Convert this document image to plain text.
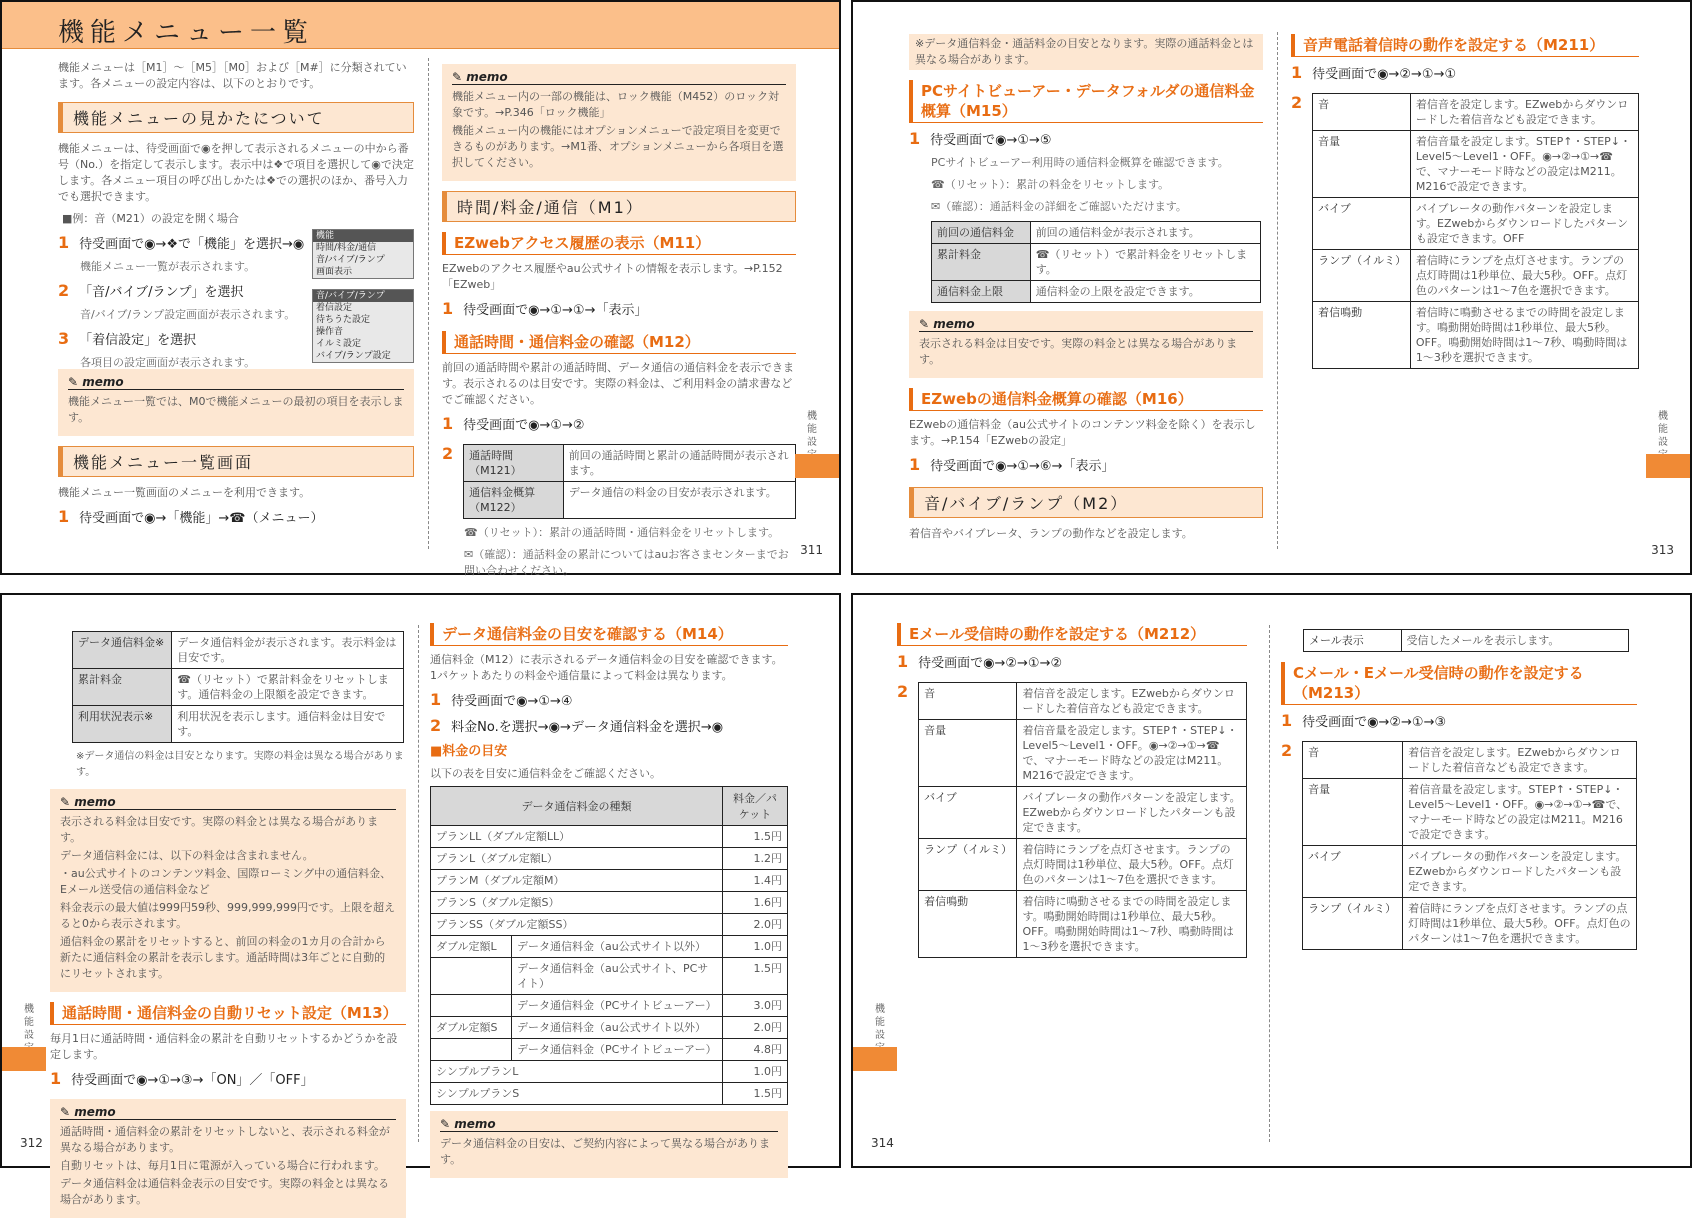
機能メニュー一覧
機能メニューは［M1］〜［M5］［M0］および［M#］に分類されています。各メニューの設定内容は、以下のとおりです。
機能メニューの見かたについて
機能メニューは、待受画面で◉を押して表示されるメニューの中から番号（No.）を指定して表示します。表示中は❖で項目を選択して◉で決定します。各メニュー項目の呼び出しかたは❖での選択のほか、番号入力でも選択できます。
■例：音（M21）の設定を開く場合
1 待受画面で◉→❖で「機能」を選択→◉
機能メニュー一覧が表示されます。
2 「音/バイブ/ランプ」を選択
音/バイブ/ランプ設定画面が表示されます。
3 「着信設定」を選択
各項目の設定画面が表示されます。
機能
時間/料金/通信
音/バイブ/ランプ
画面表示
音/バイブ/ランプ
着信設定
待ちうた設定
操作音
イルミ設定
バイブ/ランプ設定
✎ memo
機能メニュー一覧では、M0で機能メニューの最初の項目を表示します。
機能メニュー一覧画面
機能メニュー一覧画面のメニューを利用できます。
1 待受画面で◉→「機能」→☎（メニュー）
✎ memo
機能メニュー内の一部の機能は、ロック機能（M452）のロック対象です。→P.346「ロック機能」
機能メニュー内の機能にはオプションメニューで設定項目を変更できるものがあります。→M1番、オプションメニューから各項目を選択してください。
時間/料金/通信（M1）
EZwebアクセス履歴の表示（M11）
EZwebのアクセス履歴やau公式サイトの情報を表示します。→P.152「EZweb」
1 待受画面で◉→①→①→「表示」
通話時間・通信料金の確認（M12）
前回の通話時間や累計の通話時間、データ通信の通信料金を表示できます。表示されるのは目安です。実際の料金は、ご利用料金の請求書などでご確認ください。
1 待受画面で◉→①→②
2	通話時間（M121）	前回の通話時間と累計の通話時間が表示されます。
通信料金概算（M122）	データ通信の料金の目安が表示されます。
☎（リセット）：累計の通話時間・通信料金をリセットします。
✉（確認）：通話料金の累計についてはauお客さまセンターまでお問い合わせください。
機能設
311
※データ通信料金・通話料金の目安となります。実際の通話料金とは異なる場合があります。
PCサイトビューアー・データフォルダの通信料金概算（M15）
1 待受画面で◉→①→⑤
PCサイトビューアー利用時の通信料金概算を確認できます。
☎（リセット）：累計の料金をリセットします。
✉（確認）：通話料金の詳細をご確認いただけます。
前回の通信料金	前回の通信料金が表示されます。
累計料金	☎（リセット）で累計料金をリセットします。
通信料金上限	通信料金の上限を設定できます。
✎ memo
表示される料金は目安です。実際の料金とは異なる場合があります。
EZwebの通信料金概算の確認（M16）
EZwebの通信料金（au公式サイトのコンテンツ料金を除く）を表示します。→P.154「EZwebの設定」
1 待受画面で◉→①→⑥→「表示」
音/バイブ/ランプ（M2）
着信音やバイブレータ、ランプの動作などを設定します。
音声電話着信時の動作を設定する（M211）
1 待受画面で◉→②→①→①
2	音	着信音を設定します。EZwebからダウンロードした着信音なども設定できます。
音量	着信音量を設定します。STEP↑・STEP↓・Level5〜Level1・OFF。◉→②→①→☎で、マナーモード時などの設定はM211。M216で設定できます。
バイブ	バイブレータの動作パターンを設定します。EZwebからダウンロードしたパターンも設定できます。OFF
ランプ（イルミ）	着信時にランプを点灯させます。ランプの点灯時間は1秒単位、最大5秒。OFF。点灯色のパターンは1〜7色を選択できます。
着信鳴動	着信時に鳴動させるまでの時間を設定します。鳴動開始時間は1秒単位、最大5秒。OFF。鳴動開始時間は1〜7秒、鳴動時間は1〜3秒を選択できます。
機能設
313
データ通信料金※	データ通信料金が表示されます。表示料金は目安です。
累計料金	☎（リセット）で累計料金をリセットします。通信料金の上限額を設定できます。
利用状況表示※	利用状況を表示します。通信料金は目安です。
※データ通信の料金は目安となります。実際の料金は異なる場合があります。
✎ memo
表示される料金は目安です。実際の料金とは異なる場合があります。
データ通信料金には、以下の料金は含まれません。
・au公式サイトのコンテンツ料金、国際ローミング中の通信料金、Eメール送受信の通信料金など
料金表示の最大値は999円59秒、999,999,999円です。上限を超えると0から表示されます。
通信料金の累計をリセットすると、前回の料金の1カ月の合計から新たに通信料金の累計を表示します。通話時間は3年ごとに自動的にリセットされます。
通話時間・通信料金の自動リセット設定（M13）
毎月1日に通話時間・通信料金の累計を自動リセットするかどうかを設定します。
1 待受画面で◉→①→③→「ON」／「OFF」
✎ memo
通話時間・通信料金の累計をリセットしないと、表示される料金が異なる場合があります。
自動リセットは、毎月1日に電源が入っている場合に行われます。
データ通信料金は通信料金表示の目安です。実際の料金とは異なる場合があります。
データ通信料金の目安を確認する（M14）
通信料金（M12）に表示されるデータ通信料金の目安を確認できます。1パケットあたりの料金や通信量によって料金は異なります。
1 待受画面で◉→①→④
2 料金No.を選択→◉→データ通信料金を選択→◉
■料金の目安
以下の表を目安に通信料金をご確認ください。
データ通信料金の種類		料金／パケット
プランLL（ダブル定額LL）		1.5円
プランL（ダブル定額L）		1.2円
プランM（ダブル定額M）		1.4円
プランS（ダブル定額S）		1.6円
プランSS（ダブル定額SS）		2.0円
ダブル定額L	データ通信料金（au公式サイト以外）	1.0円
	データ通信料金（au公式サイト、PCサイト）	1.5円
	データ通信料金（PCサイトビューアー）	3.0円
ダブル定額S	データ通信料金（au公式サイト以外）	2.0円
	データ通信料金（PCサイトビューアー）	4.8円
シンプルプランL		1.0円
シンプルプランS		1.5円
✎ memo
データ通信料金の目安は、ご契約内容によって異なる場合があります。
機能設
312
Eメール受信時の動作を設定する（M212）
1 待受画面で◉→②→①→②
2	音	着信音を設定します。EZwebからダウンロードした着信音なども設定できます。
音量	着信音量を設定します。STEP↑・STEP↓・Level5〜Level1・OFF。◉→②→①→☎で、マナーモード時などの設定はM211。M216で設定できます。
バイブ	バイブレータの動作パターンを設定します。EZwebからダウンロードしたパターンも設定できます。
ランプ（イルミ）	着信時にランプを点灯させます。ランプの点灯時間は1秒単位、最大5秒。OFF。点灯色のパターンは1〜7色を選択できます。
着信鳴動	着信時に鳴動させるまでの時間を設定します。鳴動開始時間は1秒単位、最大5秒。OFF。鳴動開始時間は1〜7秒、鳴動時間は1〜3秒を選択できます。
メール表示	受信したメールを表示します。
Cメール・Eメール受信時の動作を設定する（M213）
1 待受画面で◉→②→①→③
2	音	着信音を設定します。EZwebからダウンロードした着信音なども設定できます。
音量	着信音量を設定します。STEP↑・STEP↓・Level5〜Level1・OFF。◉→②→①→☎で、マナーモード時などの設定はM211。M216で設定できます。
バイブ	バイブレータの動作パターンを設定します。EZwebからダウンロードしたパターンも設定できます。
ランプ（イルミ）	着信時にランプを点灯させます。ランプの点灯時間は1秒単位、最大5秒。OFF。点灯色のパターンは1〜7色を選択できます。
機能設
314
